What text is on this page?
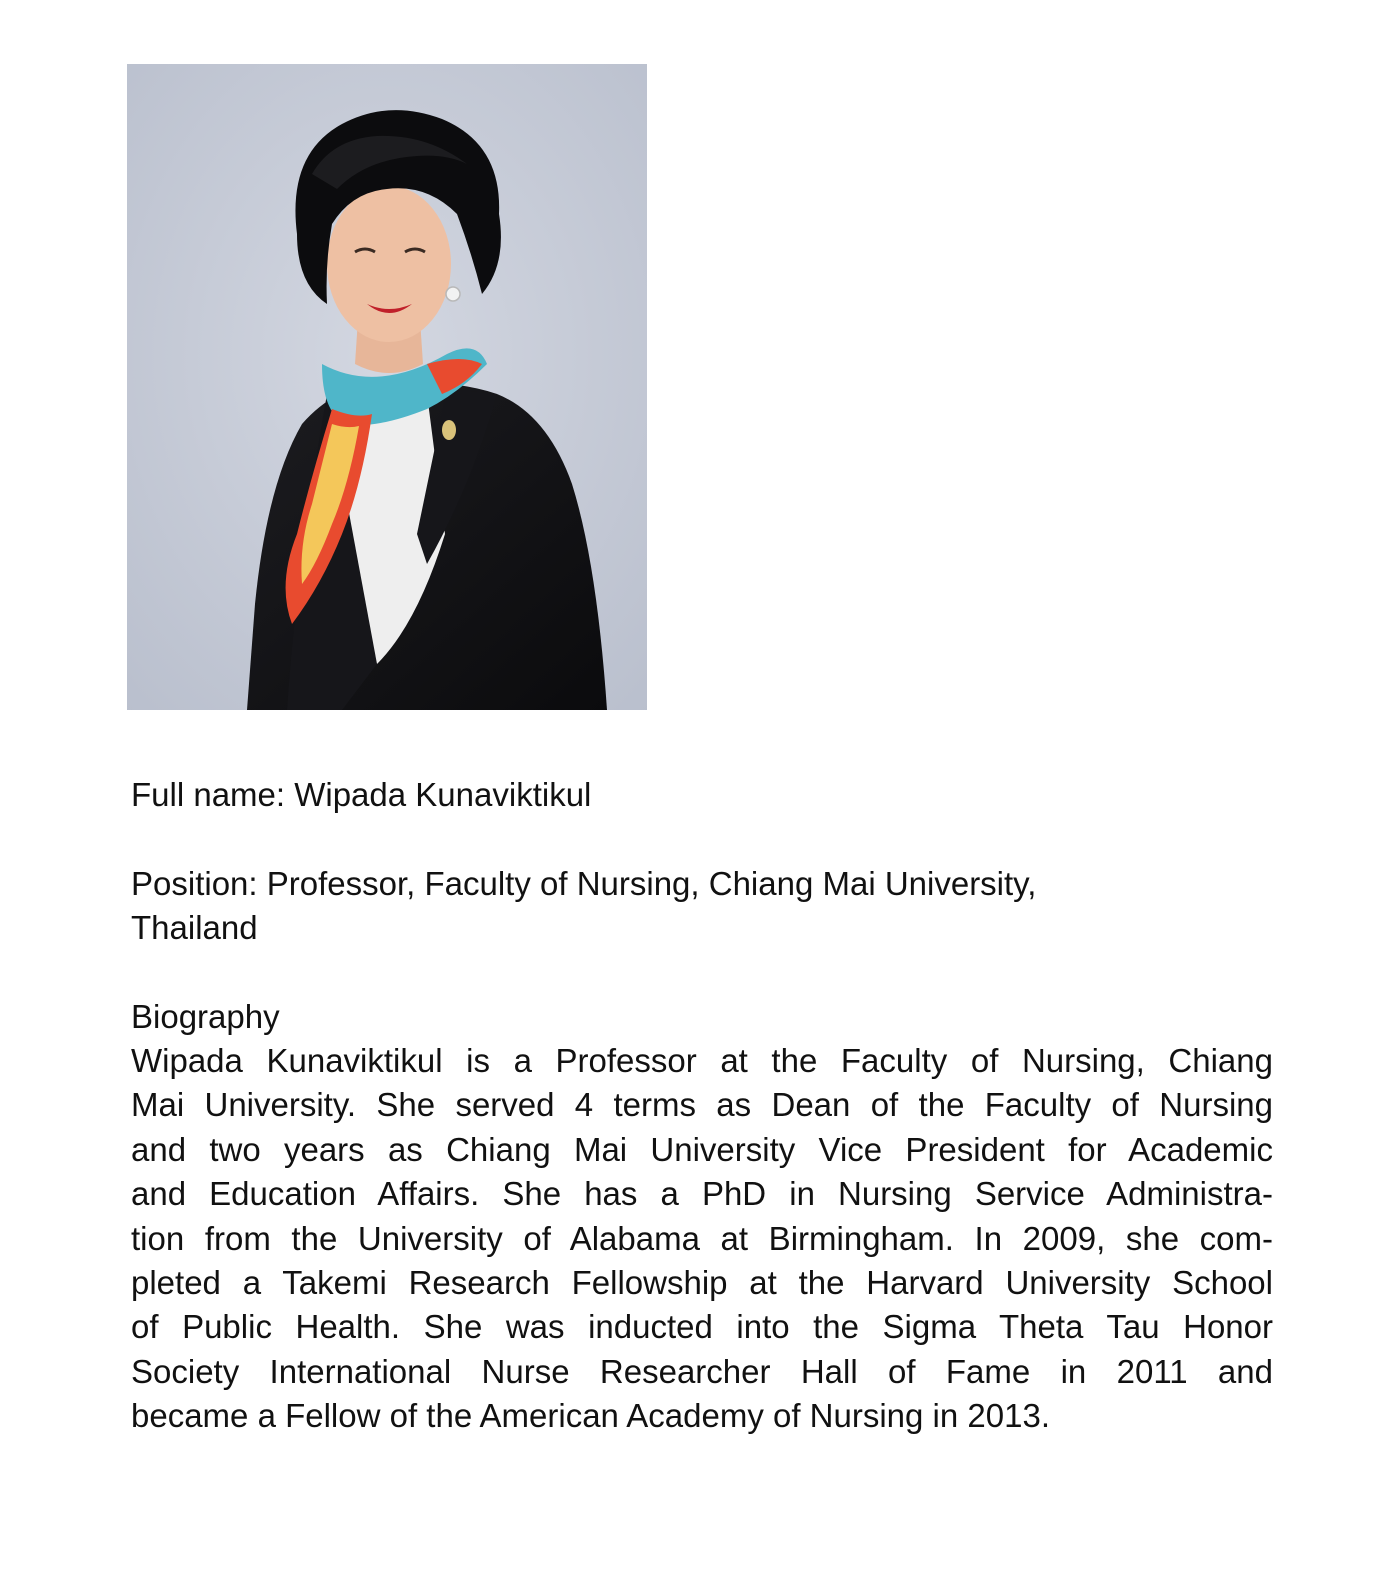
Full name: Wipada Kunaviktikul
Position: Professor, Faculty of Nursing, Chiang Mai University,
Thailand
Biography
Wipada Kunaviktikul is a Professor at the Faculty of Nursing, Chiang
Mai University. She served 4 terms as Dean of the Faculty of Nursing
and two years as Chiang Mai University Vice President for Academic
and Education Affairs. She has a PhD in Nursing Service Administra-
tion from the University of Alabama at Birmingham. In 2009, she com-
pleted a Takemi Research Fellowship at the Harvard University School
of Public Health. She was inducted into the Sigma Theta Tau Honor
Society International Nurse Researcher Hall of Fame in 2011 and
became a Fellow of the American Academy of Nursing in 2013.
